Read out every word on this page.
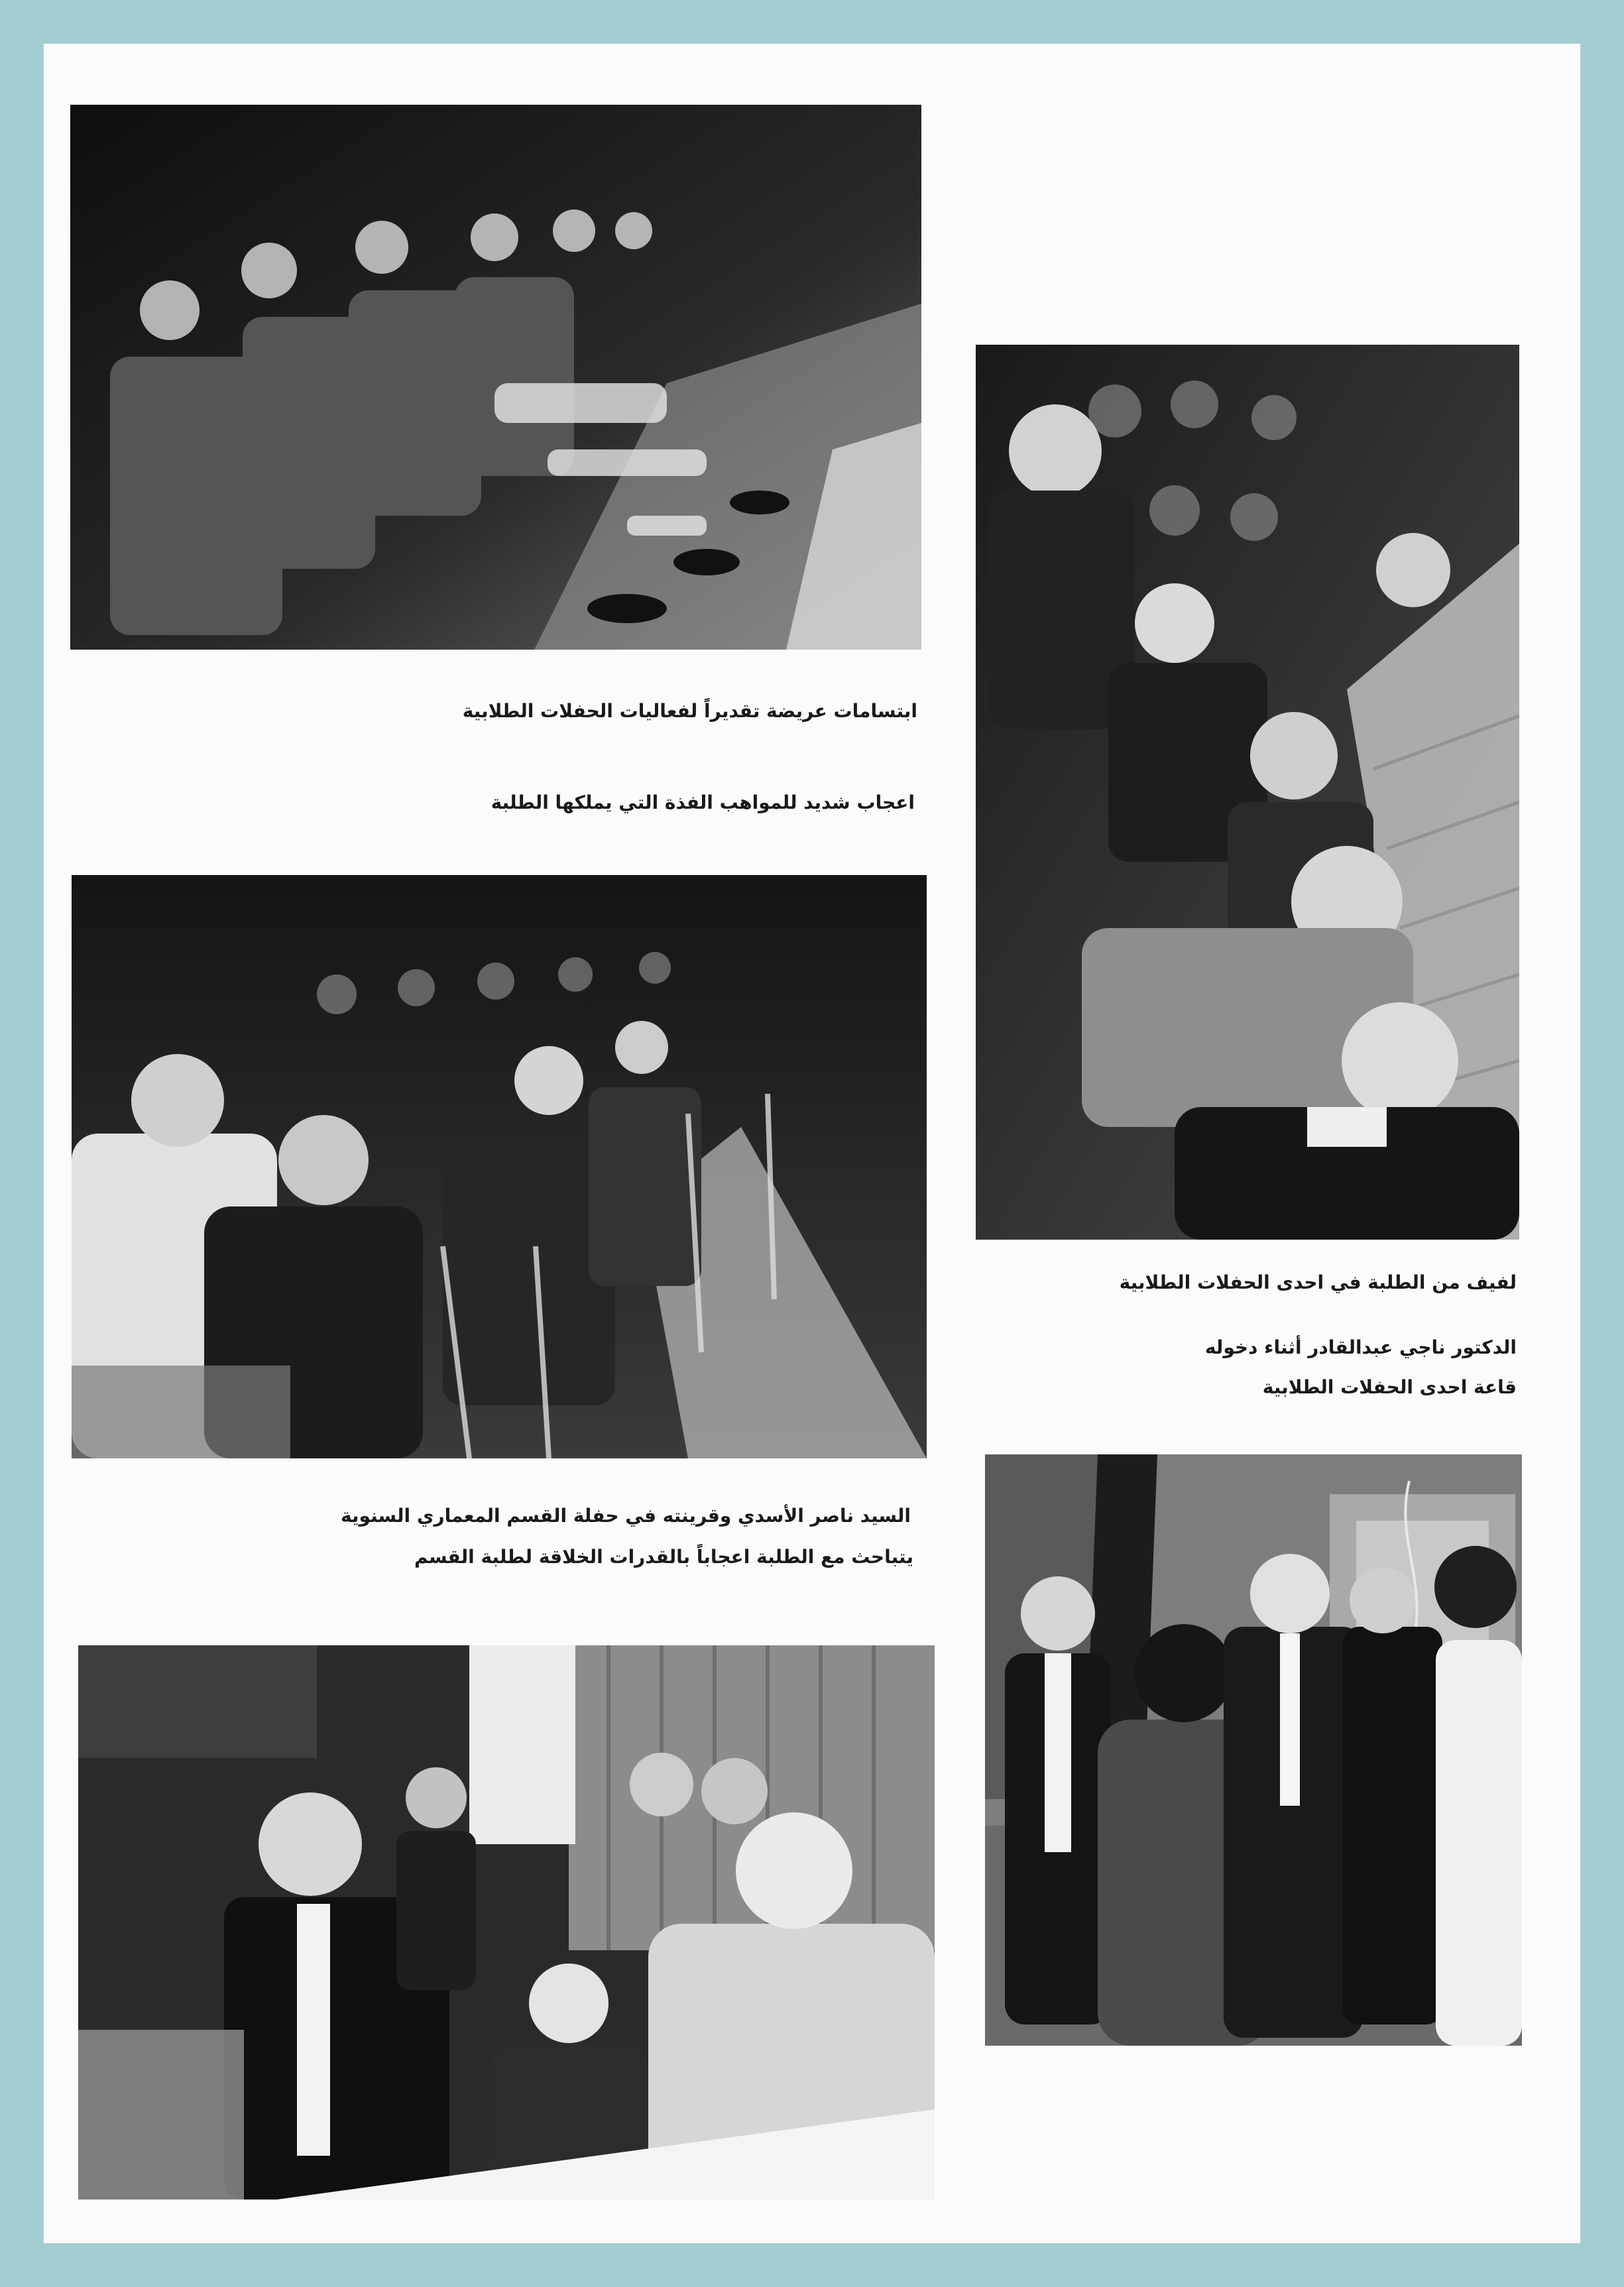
ابتسامات عريضة تقديراً لفعاليات الحفلات الطلابية
اعجاب شديد للمواهب الفذة التي يملكها الطلبة
السيد ناصر الأسدي وقرينته في حفلة القسم المعماري السنوية
يتباحث مع الطلبة اعجاباً بالقدرات الخلاقة لطلبة القسم
لفيف من الطلبة في احدى الحفلات الطلابية
الدكتور ناجي عبدالقادر أثناء دخوله
قاعة احدى الحفلات الطلابية
